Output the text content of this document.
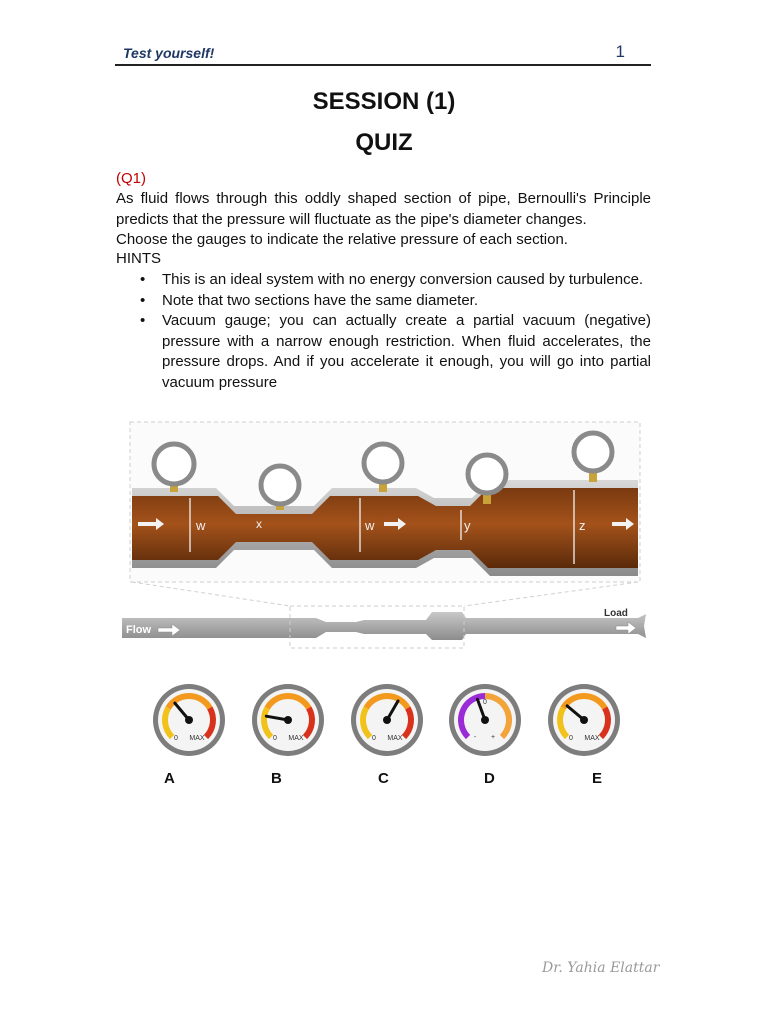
Test yourself!	1
SESSION (1)
QUIZ
(Q1)
As fluid flows through this oddly shaped section of pipe, Bernoulli's Principle predicts that the pressure will fluctuate as the pipe's diameter changes.
Choose the gauges to indicate the relative pressure of each section.
HINTS
• This is an ideal system with no energy conversion caused by turbulence.
• Note that two sections have the same diameter.
• Vacuum gauge; you can actually create a partial vacuum (negative) pressure with a narrow enough restriction. When fluid accelerates, the pressure drops. And if you accelerate it enough, you will go into partial vacuum pressure
w	x	w	y	z
Flow
Load
0 MAX	0 MAX	0 MAX
0
- +	0 MAX
A	B	C	D	E
Dr. Yahia Elattar
